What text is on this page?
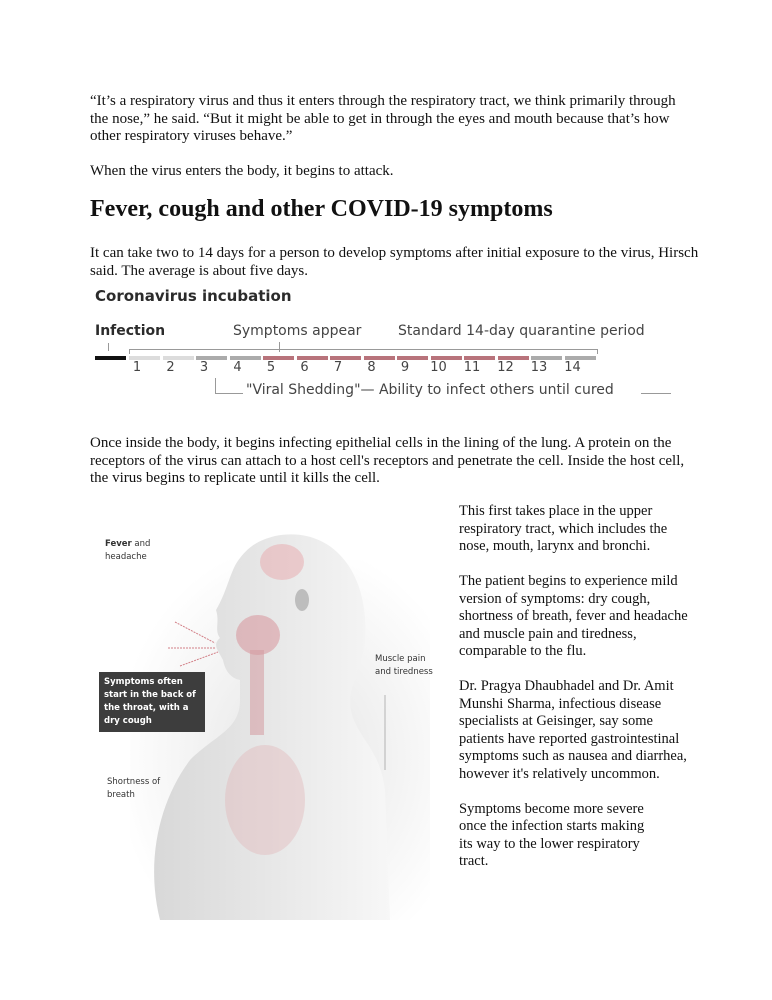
“It’s a respiratory virus and thus it enters through the respiratory tract, we think primarily through the nose,” he said. “But it might be able to get in through the eyes and mouth because that’s how other respiratory viruses behave.”

When the virus enters the body, it begins to attack.

Fever, cough and other COVID-19 symptoms

It can take two to 14 days for a person to develop symptoms after initial exposure to the virus, Hirsch said. The average is about five days.

Coronavirus incubation
Infection	Symptoms appear	Standard 14-day quarantine period
1	2	3	4	5	6	7	8	9	10 11 12 13 14
"Viral Shedding"— Ability to infect others until cured

Once inside the body, it begins infecting epithelial cells in the lining of the lung. A protein on the receptors of the virus can attach to a host cell's receptors and penetrate the cell. Inside the host cell, the virus begins to replicate until it kills the cell.

Fever and headache
Symptoms often start in the back of the throat, with a dry cough
Muscle pain and tiredness
Shortness of breath

This first takes place in the upper respiratory tract, which includes the nose, mouth, larynx and bronchi.

The patient begins to experience mild version of symptoms: dry cough, shortness of breath, fever and headache and muscle pain and tiredness, comparable to the flu.

Dr. Pragya Dhaubhadel and Dr. Amit Munshi Sharma, infectious disease specialists at Geisinger, say some patients have reported gastrointestinal symptoms such as nausea and diarrhea, however it's relatively uncommon.

Symptoms become more severe once the infection starts making its way to the lower respiratory tract.
